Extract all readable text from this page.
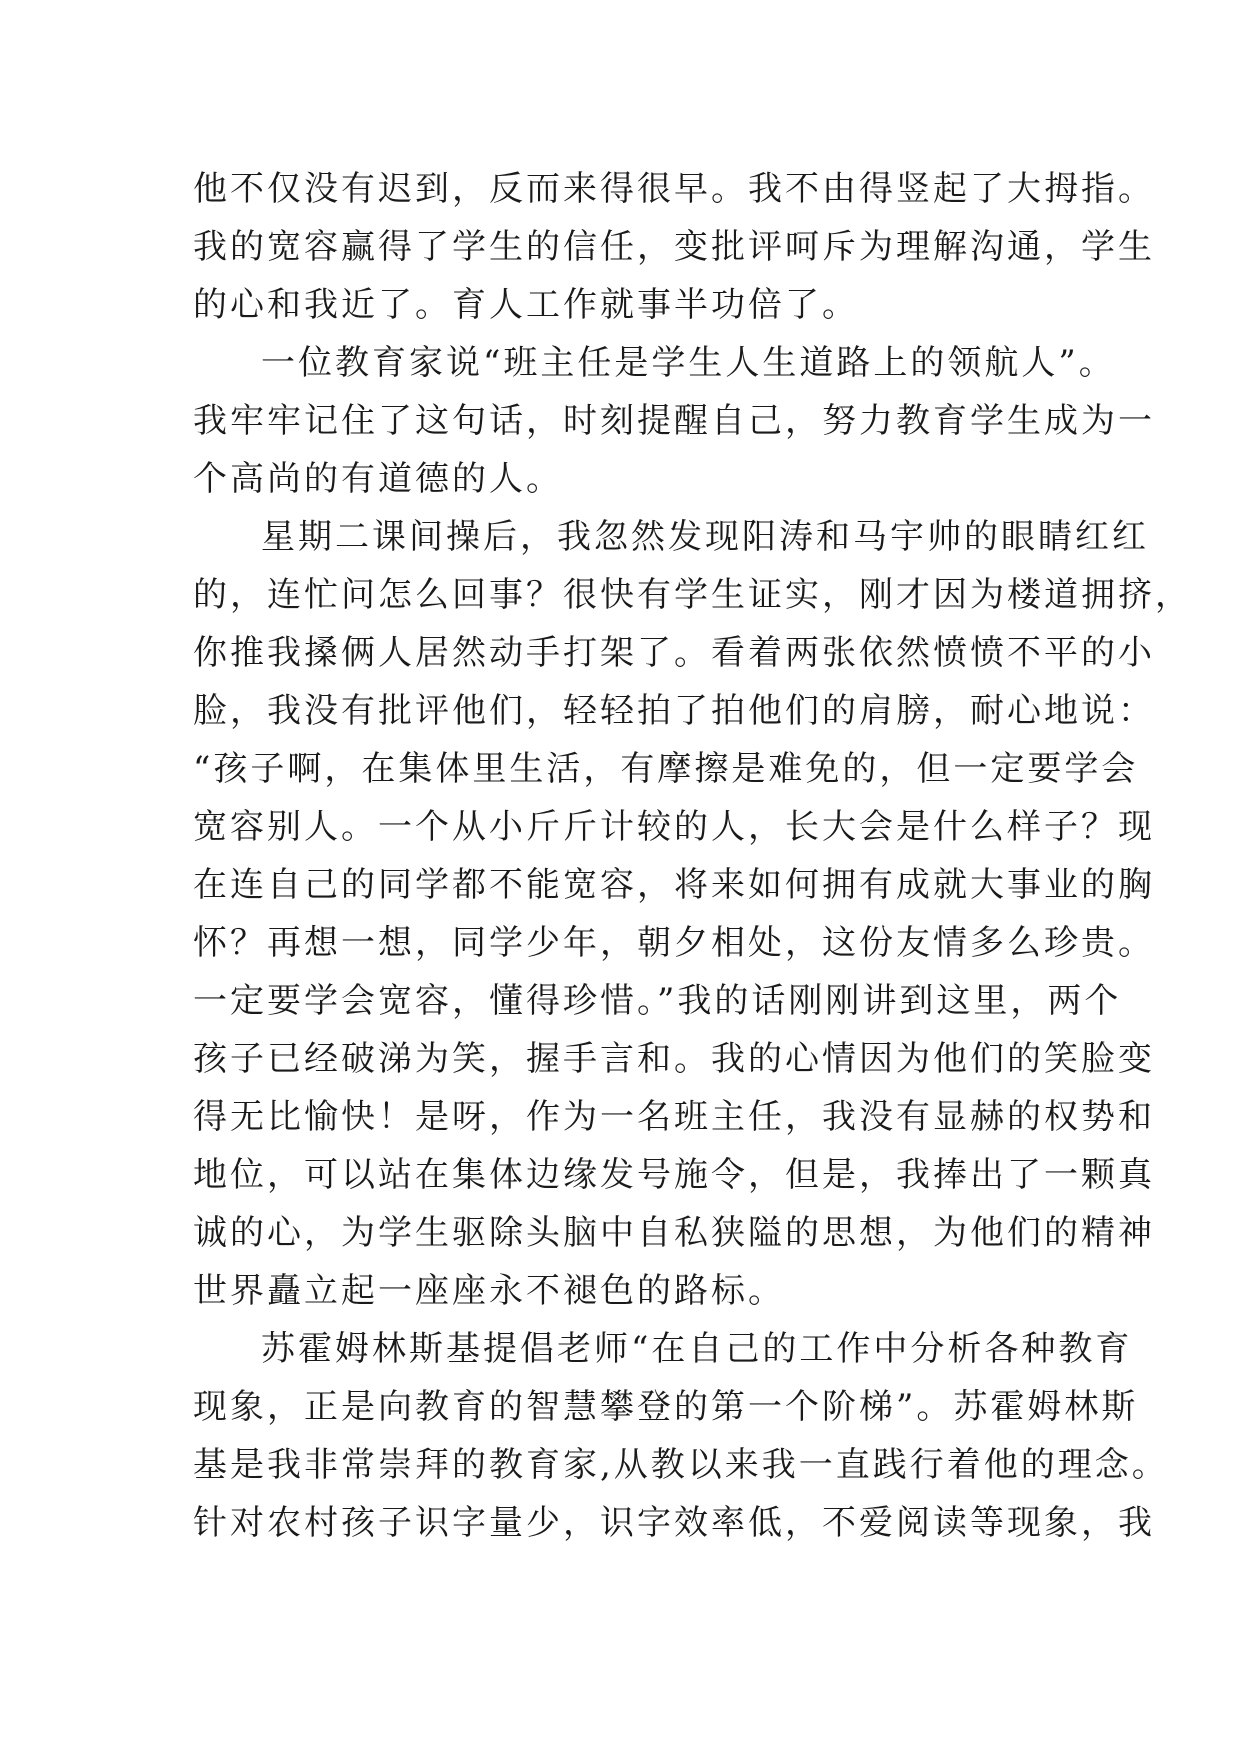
他不仅没有迟到，反而来得很早。我不由得竖起了大拇指。
我的宽容赢得了学生的信任，变批评呵斥为理解沟通，学生
的心和我近了。育人工作就事半功倍了。

一位教育家说“班主任是学生人生道路上的领航人”。
我牢牢记住了这句话，时刻提醒自己，努力教育学生成为一
个高尚的有道德的人。

星期二课间操后，我忽然发现阳涛和马宇帅的眼睛红红
的，连忙问怎么回事？很快有学生证实，刚才因为楼道拥挤，
你推我搡俩人居然动手打架了。看着两张依然愤愤不平的小
脸，我没有批评他们，轻轻拍了拍他们的肩膀，耐心地说：
“孩子啊，在集体里生活，有摩擦是难免的，但一定要学会
宽容别人。一个从小斤斤计较的人，长大会是什么样子？现
在连自己的同学都不能宽容，将来如何拥有成就大事业的胸
怀？再想一想，同学少年，朝夕相处，这份友情多么珍贵。
一定要学会宽容，懂得珍惜。”我的话刚刚讲到这里，两个
孩子已经破涕为笑，握手言和。我的心情因为他们的笑脸变
得无比愉快！是呀，作为一名班主任，我没有显赫的权势和
地位，可以站在集体边缘发号施令，但是，我捧出了一颗真
诚的心，为学生驱除头脑中自私狭隘的思想，为他们的精神
世界矗立起一座座永不褪色的路标。

苏霍姆林斯基提倡老师“在自己的工作中分析各种教育
现象，正是向教育的智慧攀登的第一个阶梯”。苏霍姆林斯
基是我非常崇拜的教育家,从教以来我一直践行着他的理念。
针对农村孩子识字量少，识字效率低，不爱阅读等现象，我
